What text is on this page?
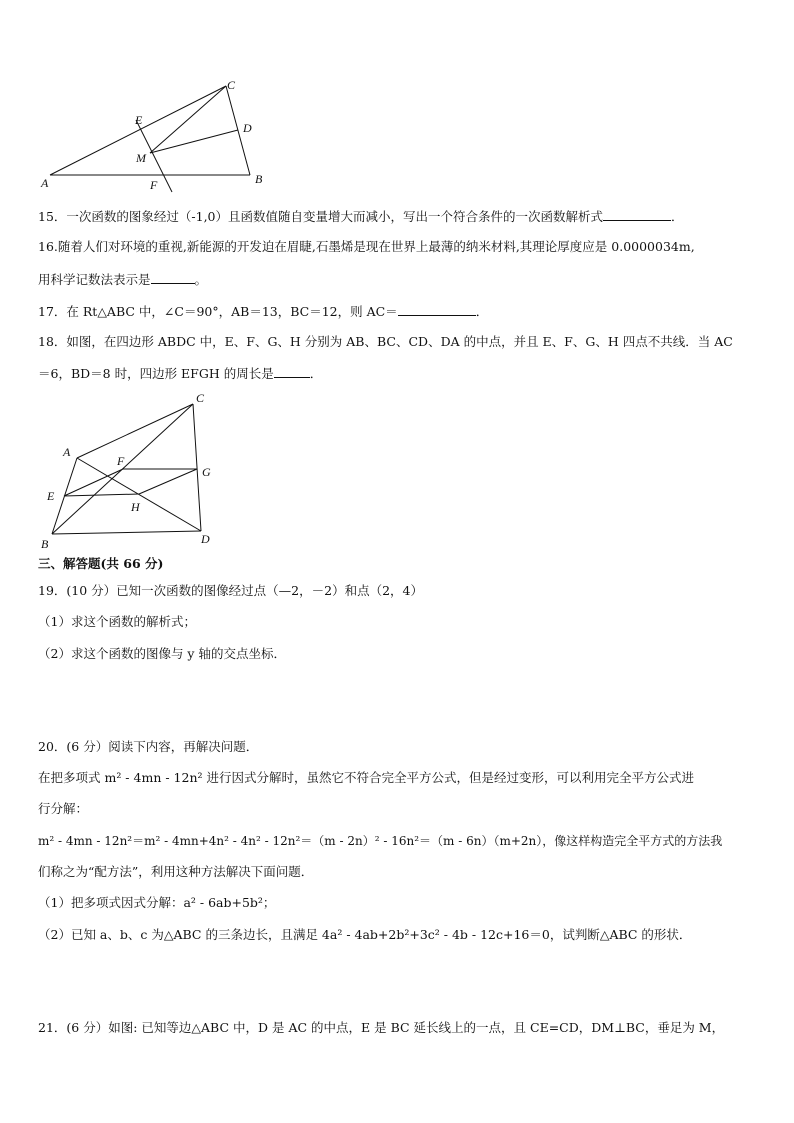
C
E
D
M
A	F	B
15．一次函数的图象经过（-1,0）且函数值随自变量增大而减小，写出一个符合条件的一次函数解析式	．
16.随着人们对环境的重视,新能源的开发迫在眉睫,石墨烯是现在世界上最薄的纳米材料,其理论厚度应是 0.0000034m,
用科学记数法表示是	。
17．在 Rt△ABC 中，∠C＝90°，AB＝13，BC＝12，则 AC＝	．
18．如图，在四边形 ABDC 中，E、F、G、H 分别为 AB、BC、CD、DA 的中点，并且 E、F、G、H 四点不共线．当 AC
＝6，BD＝8 时，四边形 EFGH 的周长是	．
C
A
F
G
E
H
B	D
三、解答题(共 66 分)
19．(10 分）已知一次函数的图像经过点（—2，－2）和点（2，4）
（1）求这个函数的解析式；
（2）求这个函数的图像与 y 轴的交点坐标．
20．(6 分）阅读下内容，再解决问题．
在把多项式 m² - 4mn - 12n² 进行因式分解时，虽然它不符合完全平方公式，但是经过变形，可以利用完全平方公式进
行分解：
m² - 4mn - 12n²＝m² - 4mn+4n² - 4n² - 12n²＝（m - 2n）² - 16n²＝（m - 6n）（m+2n），像这样构造完全平方式的方法我
们称之为“配方法”，利用这种方法解决下面问题．
（1）把多项式因式分解：a² - 6ab+5b²；
（2）已知 a、b、c 为△ABC 的三条边长，且满足 4a² - 4ab+2b²+3c² - 4b - 12c+16＝0，试判断△ABC 的形状．
21．(6 分）如图: 已知等边△ABC 中，D 是 AC 的中点，E 是 BC 延长线上的一点，且 CE=CD，DM⊥BC，垂足为 M，
